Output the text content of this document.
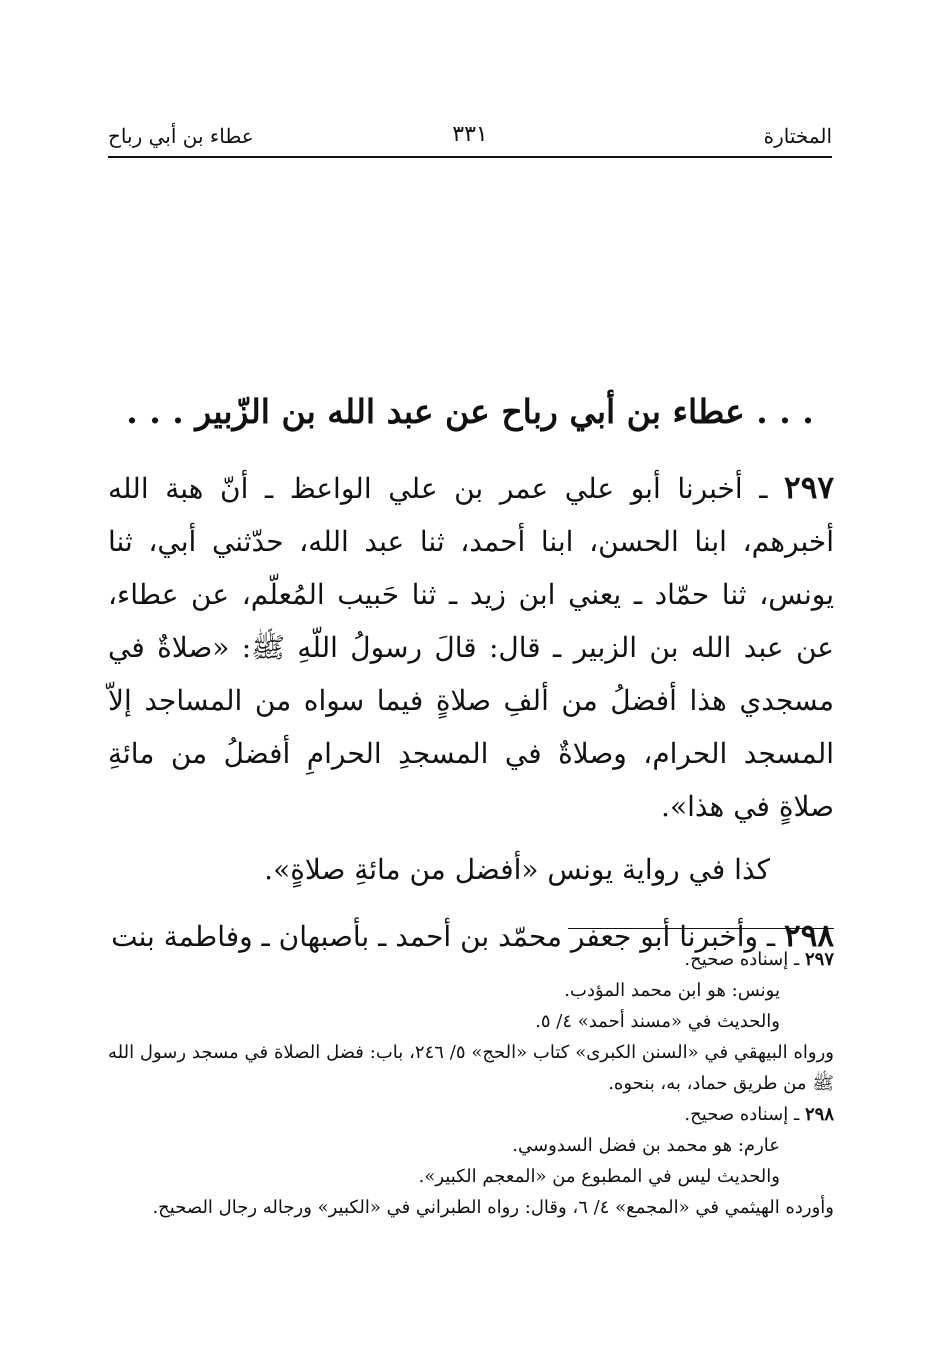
المختارة
٣٣١
عطاء بن أبي رباح
. . . عطاء بن أبي رباح عن عبد الله بن الزّبير . . .

٢٩٧ ـ أخبرنا أبو علي عمر بن علي الواعظ ـ أنّ هبة الله أخبرهم، ابنا الحسن، ابنا أحمد، ثنا عبد الله، حدّثني أبي، ثنا يونس، ثنا حمّاد ـ يعني ابن زيد ـ ثنا حَبيب المُعلّم، عن عطاء، عن عبد الله بن الزبير ـ قال: قالَ رسولُ اللّهِ ﷺ: «صلاةٌ في مسجدي هذا أفضلُ من ألفِ صلاةٍ فيما سواه من المساجد إلاّ المسجد الحرام، وصلاةٌ في المسجدِ الحرامِ أفضلُ من مائةِ صلاةٍ في هذا».

كذا في رواية يونس «أفضل من مائةِ صلاةٍ».

٢٩٨ ـ وأخبرنا أبو جعفر محمّد بن أحمد ـ بأصبهان ـ وفاطمة بنت

٢٩٧ ـ إسناده صحيح.

يونس: هو ابن محمد المؤدب.

والحديث في «مسند أحمد» ٤/ ٥.

ورواه البيهقي في «السنن الكبرى» كتاب «الحج» ٥/ ٢٤٦، باب: فضل الصلاة في مسجد رسول الله ﷺ من طريق حماد، به، بنحوه.

٢٩٨ ـ إسناده صحيح.

عارم: هو محمد بن فضل السدوسي.

والحديث ليس في المطبوع من «المعجم الكبير».

وأورده الهيثمي في «المجمع» ٤/ ٦، وقال: رواه الطبراني في «الكبير» ورجاله رجال الصحيح.
